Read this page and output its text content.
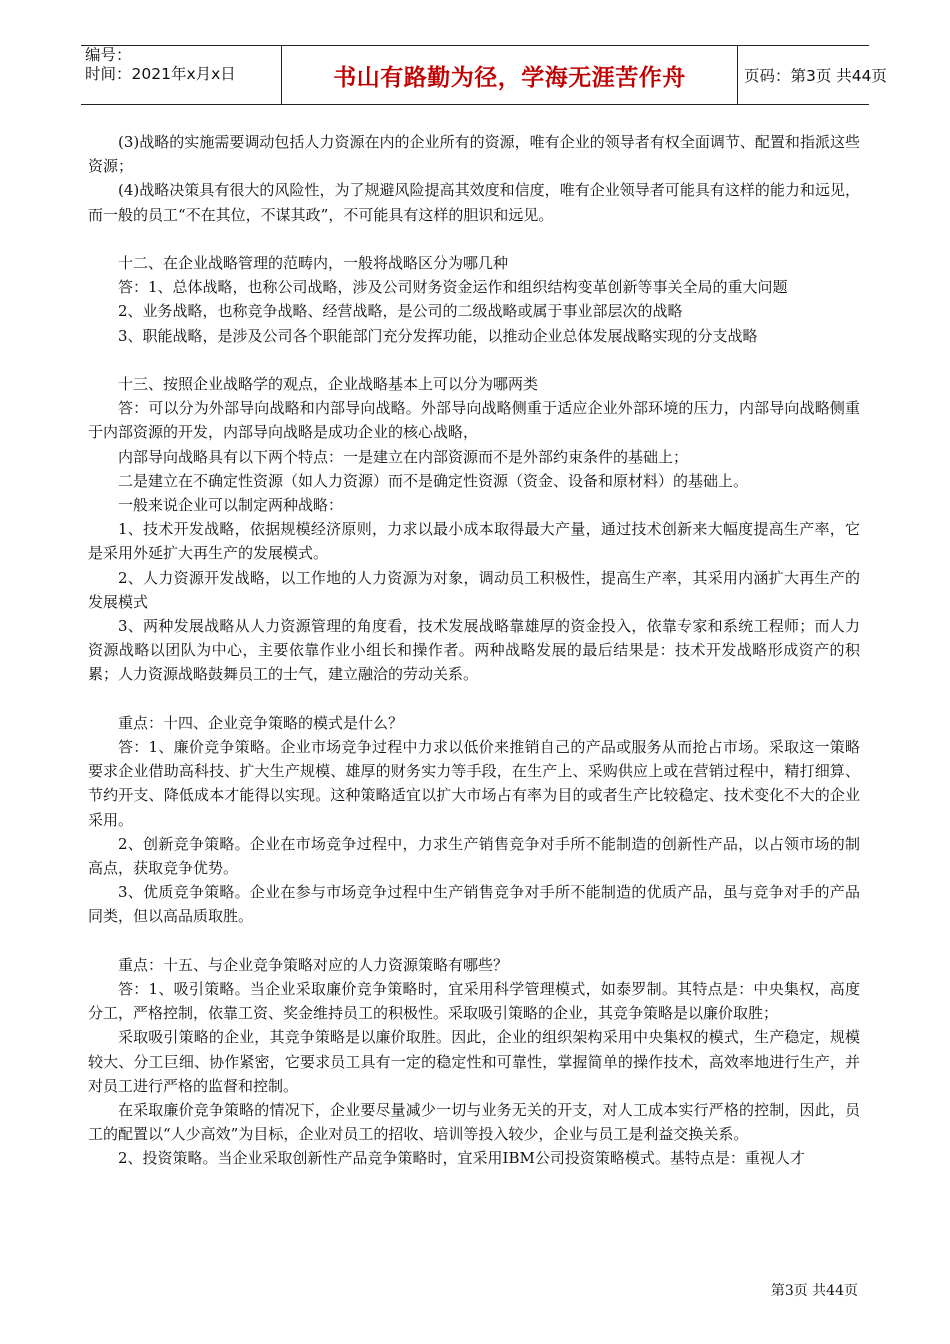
编号：
时间：2021年x月x日	书山有路勤为径，学海无涯苦作舟	页码：第3页 共44页

(3)战略的实施需要调动包括人力资源在内的企业所有的资源，唯有企业的领导者有权全面调节、配置和指派这些资源；

(4)战略决策具有很大的风险性，为了规避风险提高其效度和信度，唯有企业领导者可能具有这样的能力和远见，而一般的员工“不在其位，不谋其政”，不可能具有这样的胆识和远见。

十二、在企业战略管理的范畴内，一般将战略区分为哪几种

答：1、总体战略，也称公司战略，涉及公司财务资金运作和组织结构变革创新等事关全局的重大问题

2、业务战略，也称竞争战略、经营战略，是公司的二级战略或属于事业部层次的战略

3、职能战略，是涉及公司各个职能部门充分发挥功能，以推动企业总体发展战略实现的分支战略

十三、按照企业战略学的观点，企业战略基本上可以分为哪两类

答：可以分为外部导向战略和内部导向战略。外部导向战略侧重于适应企业外部环境的压力，内部导向战略侧重于内部资源的开发，内部导向战略是成功企业的核心战略，

内部导向战略具有以下两个特点：一是建立在内部资源而不是外部约束条件的基础上；

二是建立在不确定性资源（如人力资源）而不是确定性资源（资金、设备和原材料）的基础上。

一般来说企业可以制定两种战略：

1、技术开发战略，依据规模经济原则，力求以最小成本取得最大产量，通过技术创新来大幅度提高生产率，它是采用外延扩大再生产的发展模式。

2、人力资源开发战略，以工作地的人力资源为对象，调动员工积极性，提高生产率，其采用内涵扩大再生产的发展模式

3、两种发展战略从人力资源管理的角度看，技术发展战略靠雄厚的资金投入，依靠专家和系统工程师；而人力资源战略以团队为中心，主要依靠作业小组长和操作者。两种战略发展的最后结果是：技术开发战略形成资产的积累；人力资源战略鼓舞员工的士气，建立融洽的劳动关系。

重点：十四、企业竞争策略的模式是什么？

答：1、廉价竞争策略。企业市场竞争过程中力求以低价来推销自己的产品或服务从而抢占市场。采取这一策略要求企业借助高科技、扩大生产规模、雄厚的财务实力等手段，在生产上、采购供应上或在营销过程中，精打细算、节约开支、降低成本才能得以实现。这种策略适宜以扩大市场占有率为目的或者生产比较稳定、技术变化不大的企业采用。

2、创新竞争策略。企业在市场竞争过程中，力求生产销售竞争对手所不能制造的创新性产品，以占领市场的制高点，获取竞争优势。

3、优质竞争策略。企业在参与市场竞争过程中生产销售竞争对手所不能制造的优质产品，虽与竞争对手的产品同类，但以高品质取胜。

重点：十五、与企业竞争策略对应的人力资源策略有哪些？

答：1、吸引策略。当企业采取廉价竞争策略时，宜采用科学管理模式，如泰罗制。其特点是：中央集权，高度分工，严格控制，依靠工资、奖金维持员工的积极性。采取吸引策略的企业，其竞争策略是以廉价取胜；

采取吸引策略的企业，其竞争策略是以廉价取胜。因此，企业的组织架构采用中央集权的模式，生产稳定，规模较大、分工巨细、协作紧密，它要求员工具有一定的稳定性和可靠性，掌握简单的操作技术，高效率地进行生产，并对员工进行严格的监督和控制。

在采取廉价竞争策略的情况下，企业要尽量减少一切与业务无关的开支，对人工成本实行严格的控制，因此，员工的配置以“人少高效”为目标，企业对员工的招收、培训等投入较少，企业与员工是利益交换关系。

2、投资策略。当企业采取创新性产品竞争策略时，宜采用IBM公司投资策略模式。基特点是：重视人才

第3页 共44页
